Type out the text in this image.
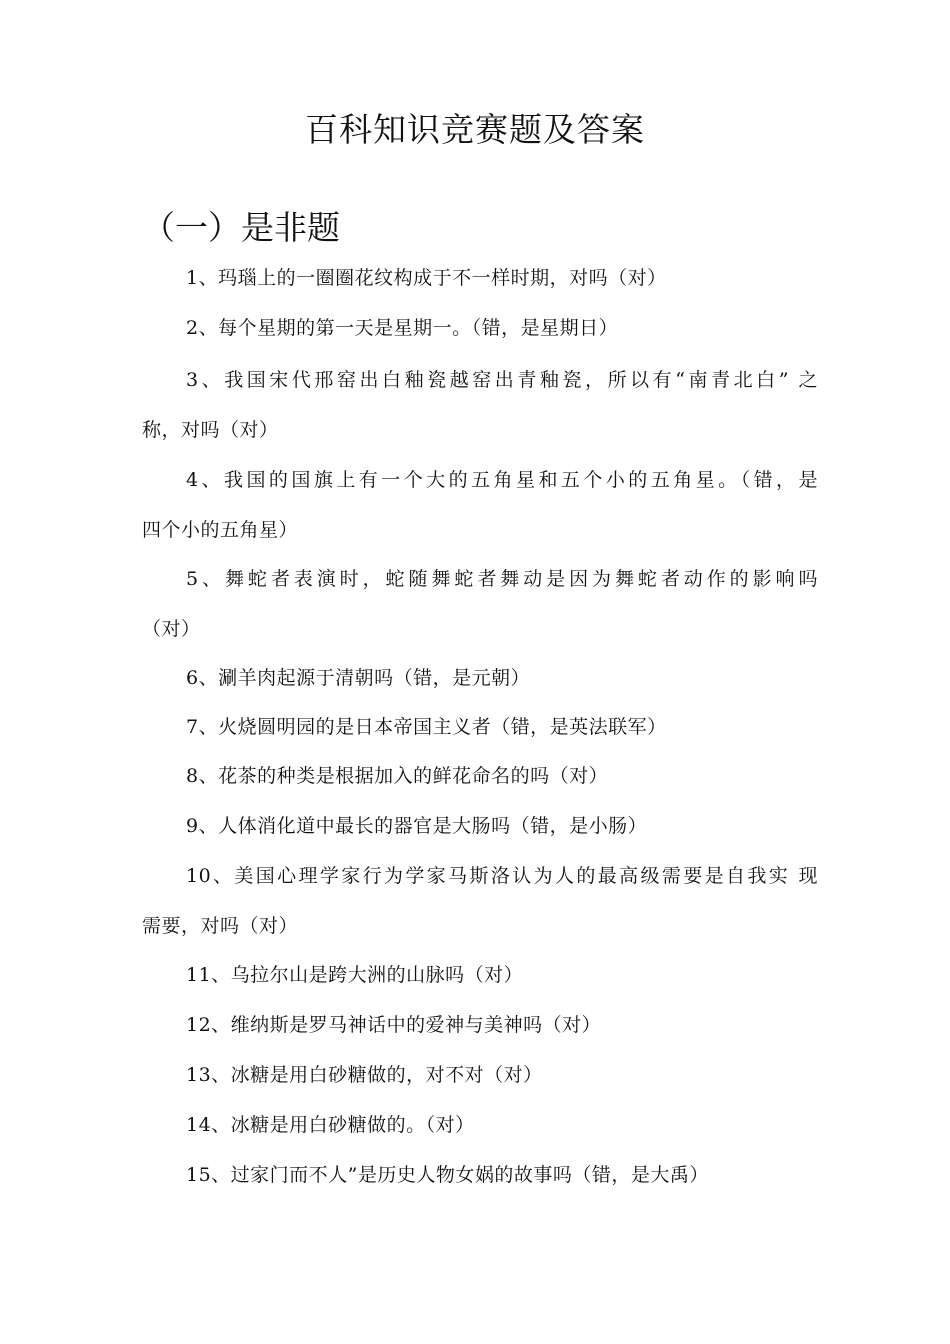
百科知识竞赛题及答案
（一）是非题

1、玛瑙上的一圈圈花纹构成于不一样时期，对吗（对）

2、每个星期的第一天是星期一。（错，是星期日）

3、我国宋代邢窑出白釉瓷越窑出青釉瓷，所以有“南青北白” 之
称，对吗（对）

4、我国的国旗上有一个大的五角星和五个小的五角星。（错，是
四个小的五角星）

5、舞蛇者表演时，蛇随舞蛇者舞动是因为舞蛇者动作的影响吗
（对）

6、涮羊肉起源于清朝吗（错，是元朝）

7、火烧圆明园的是日本帝国主义者（错，是英法联军）

8、花茶的种类是根据加入的鲜花命名的吗（对）

9、人体消化道中最长的器官是大肠吗（错，是小肠）

10、美国心理学家行为学家马斯洛认为人的最高级需要是自我实 现
需要，对吗（对）

11、乌拉尔山是跨大洲的山脉吗（对）

12、维纳斯是罗马神话中的爱神与美神吗（对）

13、冰糖是用白砂糖做的，对不对（对）

14、冰糖是用白砂糖做的。（对）

15、过家门而不人”是历史人物女娲的故事吗（错，是大禹）
